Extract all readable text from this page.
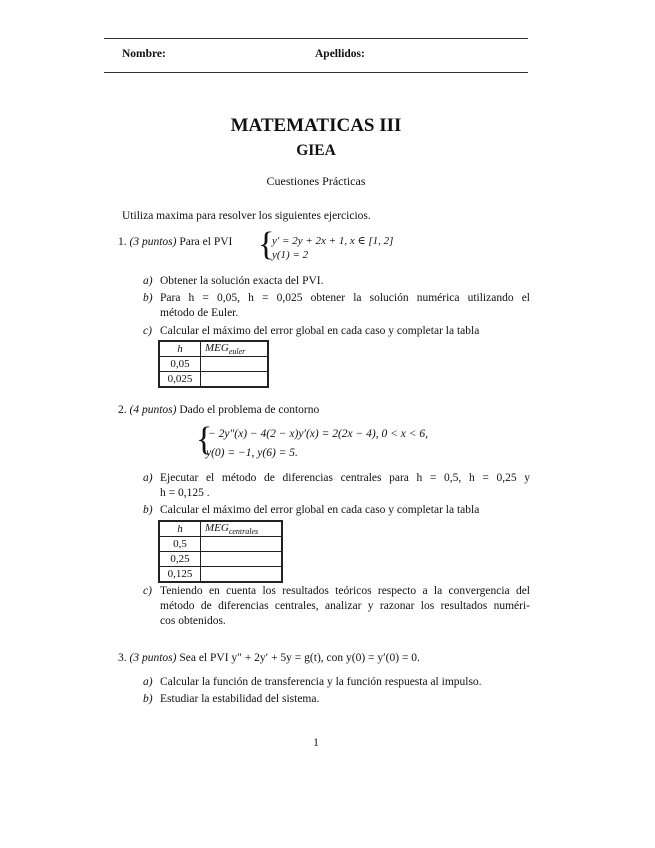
Nombre:	Apellidos:
MATEMATICAS III
GIEA
Cuestiones Prácticas
Utiliza maxima para resolver los siguientes ejercicios.
1. (3 puntos) Para el PVI {
y′ = 2y + 2x + 1, x ∈ [1, 2]
y(1) = 2
a) Obtener la solución exacta del PVI.
b) Para h = 0,05, h = 0,025 obtener la solución numérica utilizando el
método de Euler.
c) Calcular el máximo del error global en cada caso y completar la tabla
h	$MEG_{euler}$
0,05	
0,025	
2. (4 puntos) Dado el problema de contorno
{
− 2y″(x) − 4(2 − x)y′(x) = 2(2x − 4), 0 < x < 6,
y(0) = −1, y(6) = 5.
a) Ejecutar el método de diferencias centrales para h = 0,5, h = 0,25 y
h = 0,125 .
b) Calcular el máximo del error global en cada caso y completar la tabla
h	$MEG_{centrales}$
0,5	
0,25	
0,125	
c) Teniendo en cuenta los resultados teóricos respecto a la convergencia del
método de diferencias centrales, analizar y razonar los resultados numéri-
cos obtenidos.
3. (3 puntos) Sea el PVI y″ + 2y′ + 5y = g(t), con y(0) = y′(0) = 0.
a) Calcular la función de transferencia y la función respuesta al impulso.
b) Estudiar la estabilidad del sistema.
1
